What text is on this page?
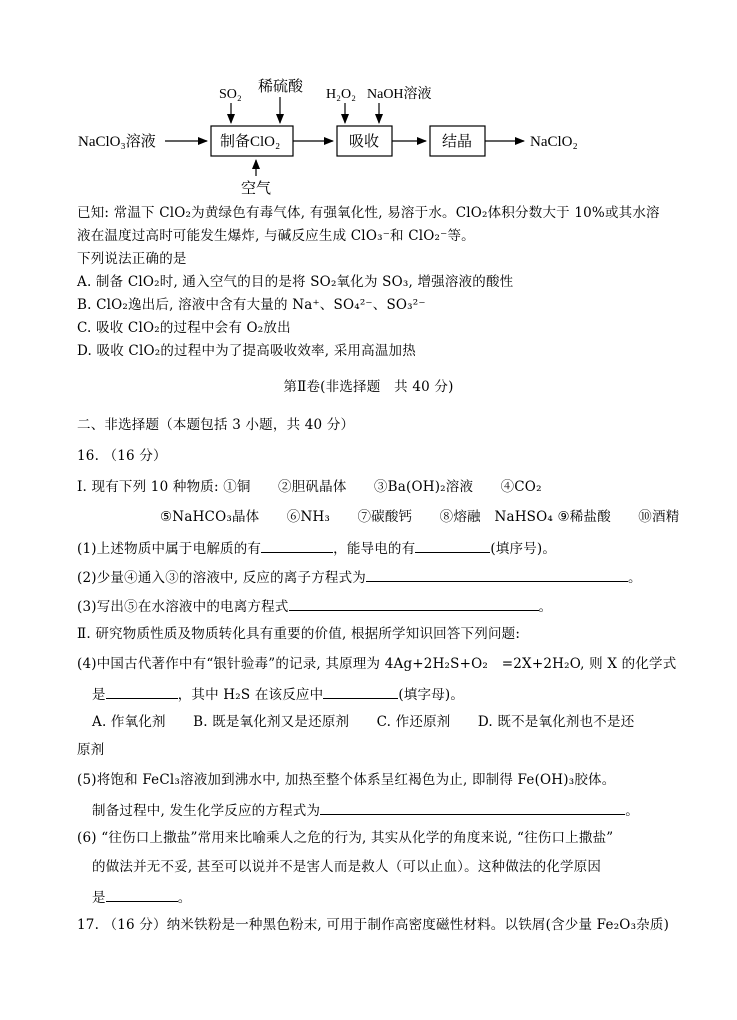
NaClO₃溶液	制备ClO₂	吸收	结晶	NaClO₂
SO₂ 稀硫酸 H₂O₂ NaOH溶液
空气
已知: 常温下 ClO₂为黄绿色有毒气体, 有强氧化性, 易溶于水。ClO₂体积分数大于 10%或其水溶
液在温度过高时可能发生爆炸, 与碱反应生成 ClO₃⁻和 ClO₂⁻等。
下列说法正确的是
A. 制备 ClO₂时, 通入空气的目的是将 SO₂氧化为 SO₃, 增强溶液的酸性
B. ClO₂逸出后, 溶液中含有大量的 Na⁺、SO₄²⁻、SO₃²⁻
C. 吸收 ClO₂的过程中会有 O₂放出
D. 吸收 ClO₂的过程中为了提高吸收效率, 采用高温加热
第Ⅱ卷(非选择题　共 40 分)
二、非选择题（本题包括 3 小题，共 40 分）
16. （16 分）
Ⅰ. 现有下列 10 种物质: ①铜　　②胆矾晶体　　③Ba(OH)₂溶液　　④CO₂
⑤NaHCO₃晶体　　⑥NH₃　　⑦碳酸钙　　⑧熔融　NaHSO₄ ⑨稀盐酸　　⑩酒精
(1)上述物质中属于电解质的有	，能导电的有	(填序号)。
(2)少量④通入③的溶液中, 反应的离子方程式为	。
(3)写出⑤在水溶液中的电离方程式	。
Ⅱ. 研究物质性质及物质转化具有重要的价值, 根据所学知识回答下列问题:
(4)中国古代著作中有“银针验毒”的记录, 其原理为 4Ag+2H₂S+O₂　=2X+2H₂O, 则 X 的化学式
是	，其中 H₂S 在该反应中	(填字母)。
A. 作氧化剂　　B. 既是氧化剂又是还原剂　　C. 作还原剂　　D. 既不是氧化剂也不是还
原剂
(5)将饱和 FeCl₃溶液加到沸水中, 加热至整个体系呈红褐色为止, 即制得 Fe(OH)₃胶体。
制备过程中, 发生化学反应的方程式为	。
(6) “往伤口上撒盐”常用来比喻乘人之危的行为, 其实从化学的角度来说, “往伤口上撒盐”
的做法并无不妥, 甚至可以说并不是害人而是救人（可以止血）。这种做法的化学原因
是	。
17. （16 分）纳米铁粉是一种黑色粉末, 可用于制作高密度磁性材料。以铁屑(含少量 Fe₂O₃杂质)
